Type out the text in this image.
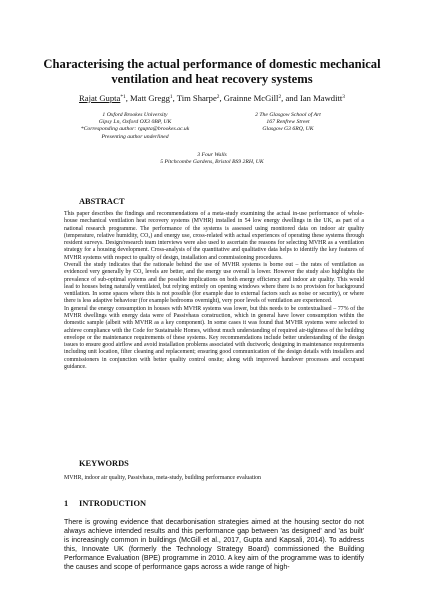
Characterising the actual performance of domestic mechanical ventilation and heat recovery systems
Rajat Gupta$^{*1}$, Matt Gregg$^1$, Tim Sharpe$^2$, Grainne McGill$^2$, and Ian Mawditt$^3$
1 Oxford Brookes University
Gipsy Ln, Oxford OX3 0BP, UK
*Corresponding author: rgupta@brookes.ac.uk
Presenting author underlined
2 The Glasgow School of Art
167 Renfrew Street
Glasgow G3 6RQ, UK
3 Four Walls
5 Pitchcombe Gardens, Bristol BS9 2RH, UK
ABSTRACT

This paper describes the findings and recommendations of a meta-study examining the actual in-use performance of whole-house mechanical ventilation heat recovery systems (MVHR) installed in 54 low energy dwellings in the UK, as part of a national research programme. The performance of the systems is assessed using monitored data on indoor air quality (temperature, relative humidity, CO₂) and energy use, cross-related with actual experiences of operating these systems through resident surveys. Design/research team interviews were also used to ascertain the reasons for selecting MVHR as a ventilation strategy for a housing development. Cross-analysis of the quantitative and qualitative data helps to identify the key features of MVHR systems with respect to quality of design, installation and commissioning procedures.

Overall the study indicates that the rationale behind the use of MVHR systems is borne out – the rates of ventilation as evidenced very generally by CO₂ levels are better, and the energy use overall is lower. However the study also highlights the prevalence of sub-optimal systems and the possible implications on both energy efficiency and indoor air quality. This would lead to houses being naturally ventilated, but relying entirely on opening windows where there is no provision for background ventilation. In some spaces where this is not possible (for example due to external factors such as noise or security), or where there is less adaptive behaviour (for example bedrooms overnight), very poor levels of ventilation are experienced.

In general the energy consumption in houses with MVHR systems was lower, but this needs to be contextualised – 77% of the MVHR dwellings with energy data were of Passivhaus construction, which in general have lower consumption within the domestic sample (albeit with MVHR as a key component). In some cases it was found that MVHR systems were selected to achieve compliance with the Code for Sustainable Homes, without much understanding of required air-tightness of the building envelope or the maintenance requirements of these systems. Key recommendations include better understanding of the design issues to ensure good airflow and avoid installation problems associated with ductwork; designing in maintenance requirements including unit location, filter cleaning and replacement; ensuring good communication of the design details with installers and commissioners in conjunction with better quality control onsite; along with improved handover processes and occupant guidance.

KEYWORDS
MVHR, indoor air quality, Passivhaus, meta-study, building performance evaluation
1 INTRODUCTION

There is growing evidence that decarbonisation strategies aimed at the housing sector do not always achieve intended results and this performance gap between 'as designed' and 'as built' is increasingly common in buildings (McGill et al., 2017, Gupta and Kapsali, 2014). To address this, Innovate UK (formerly the Technology Strategy Board) commissioned the Building Performance Evaluation (BPE) programme in 2010. A key aim of the programme was to identify the causes and scope of performance gaps across a wide range of high-
